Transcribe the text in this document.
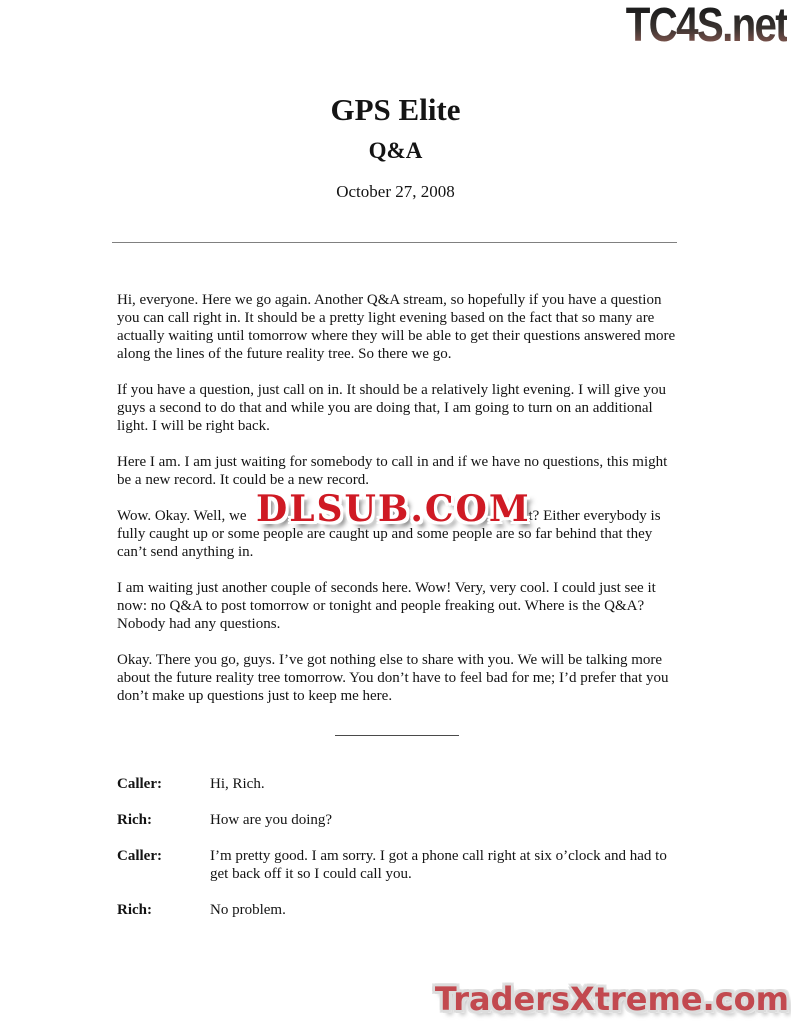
TC4S.net
GPS Elite
Q&A
October 27, 2008

Hi, everyone. Here we go again. Another Q&A stream, so hopefully if you have a question you can call right in. It should be a pretty light evening based on the fact that so many are actually waiting until tomorrow where they will be able to get their questions answered more along the lines of the future reality tree. So there we go.

If you have a question, just call on in. It should be a relatively light evening. I will give you guys a second to do that and while you are doing that, I am going to turn on an additional light. I will be right back.

Here I am. I am just waiting for somebody to call in and if we have no questions, this might be a new record. It could be a new record.

Wow. Okay. Well, we	t? Either everybody is fully caught up or some people are caught up and some people are so far behind that they can’t send anything in.

I am waiting just another couple of seconds here. Wow! Very, very cool. I could just see it now: no Q&A to post tomorrow or tonight and people freaking out. Where is the Q&A? Nobody had any questions.

Okay. There you go, guys. I’ve got nothing else to share with you. We will be talking more about the future reality tree tomorrow. You don’t have to feel bad for me; I’d prefer that you don’t make up questions just to keep me here.

Caller:	Hi, Rich.
Rich:	How are you doing?
Caller:	I’m pretty good. I am sorry. I got a phone call right at six o’clock and had to get back off it so I could call you.
Rich:	No problem.
DLSUB.COM
TradersXtreme.com
